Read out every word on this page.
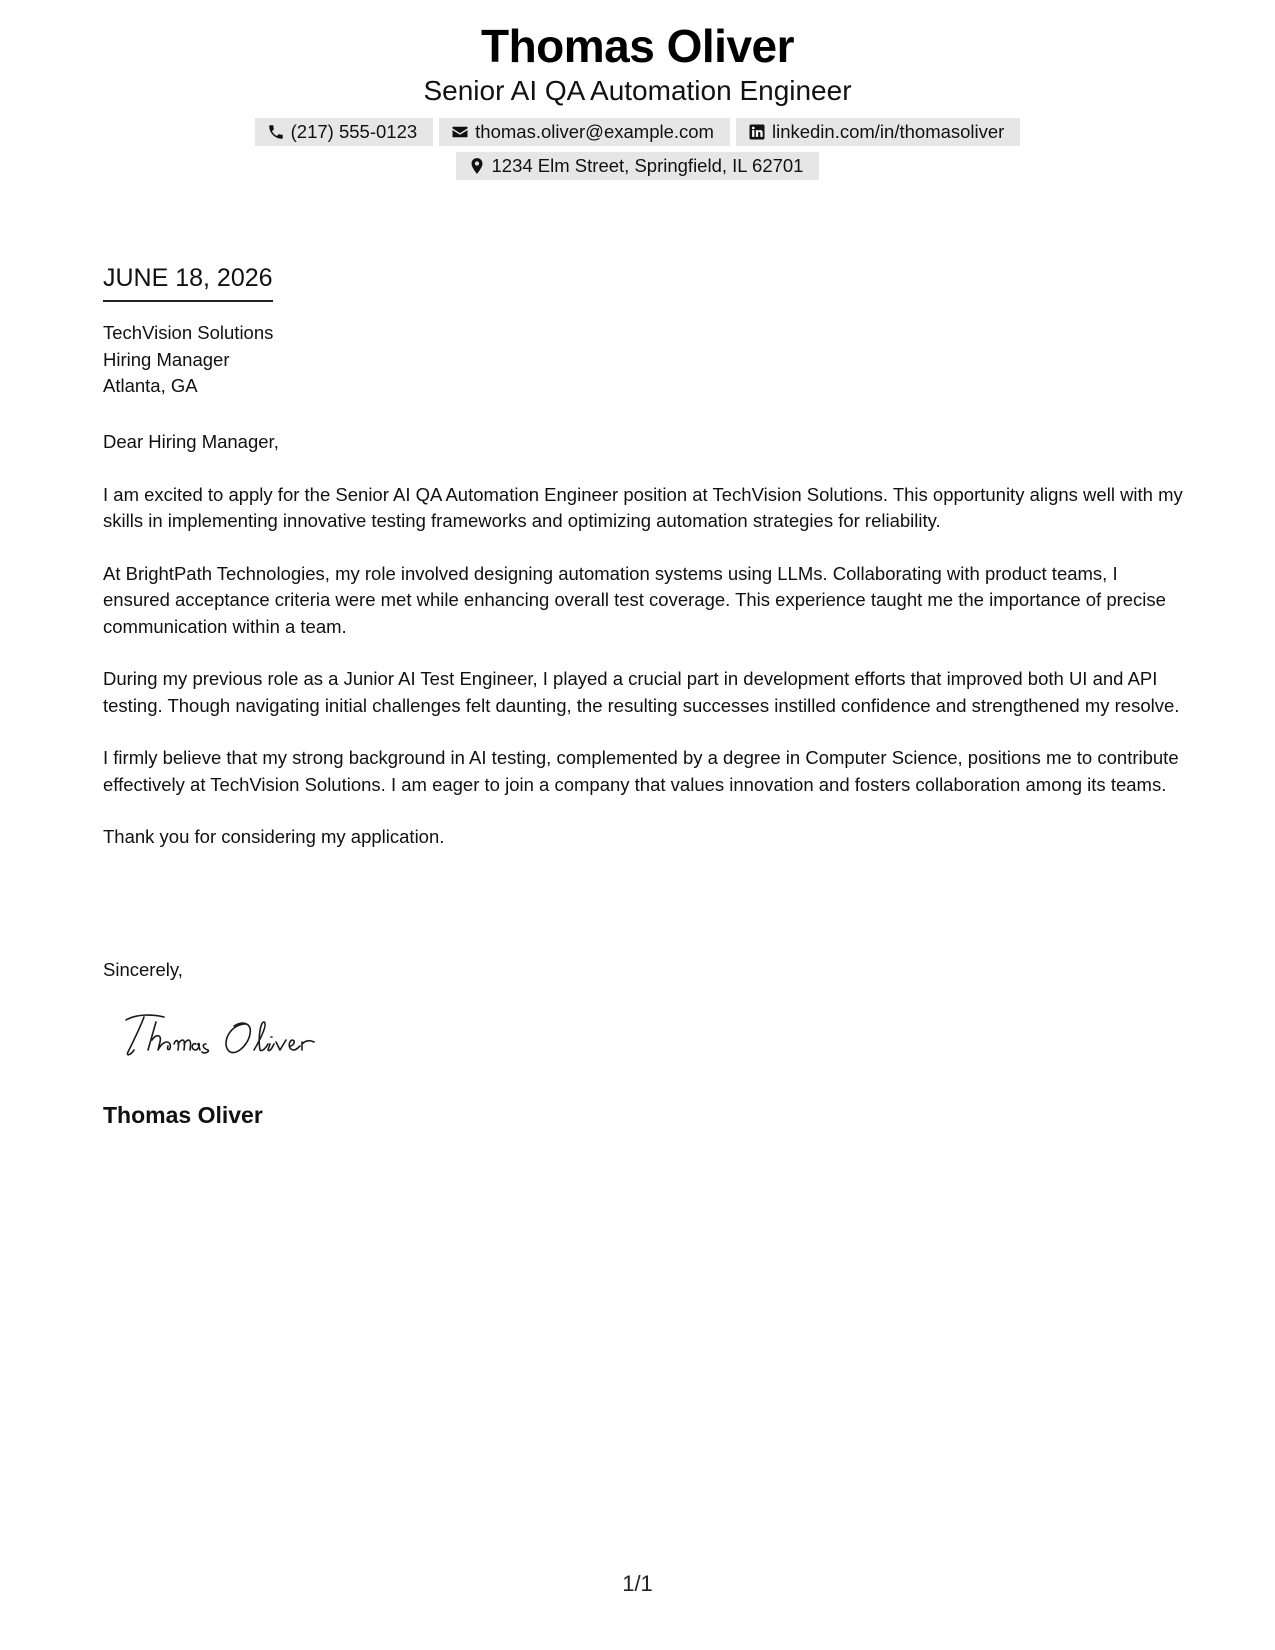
Thomas Oliver
Senior AI QA Automation Engineer
(217) 555-0123	thomas.oliver@example.com	linkedin.com/in/thomasoliver
1234 Elm Street, Springfield, IL 62701
JUNE 18, 2026
TechVision Solutions
Hiring Manager
Atlanta, GA

Dear Hiring Manager,

I am excited to apply for the Senior AI QA Automation Engineer position at TechVision Solutions. This opportunity aligns well with my skills in implementing innovative testing frameworks and optimizing automation strategies for reliability.

At BrightPath Technologies, my role involved designing automation systems using LLMs. Collaborating with product teams, I ensured acceptance criteria were met while enhancing overall test coverage. This experience taught me the importance of precise communication within a team.

During my previous role as a Junior AI Test Engineer, I played a crucial part in development efforts that improved both UI and API testing. Though navigating initial challenges felt daunting, the resulting successes instilled confidence and strengthened my resolve.

I firmly believe that my strong background in AI testing, complemented by a degree in Computer Science, positions me to contribute effectively at TechVision Solutions. I am eager to join a company that values innovation and fosters collaboration among its teams.

Thank you for considering my application.

Sincerely,
Thomas Oliver
1/1
